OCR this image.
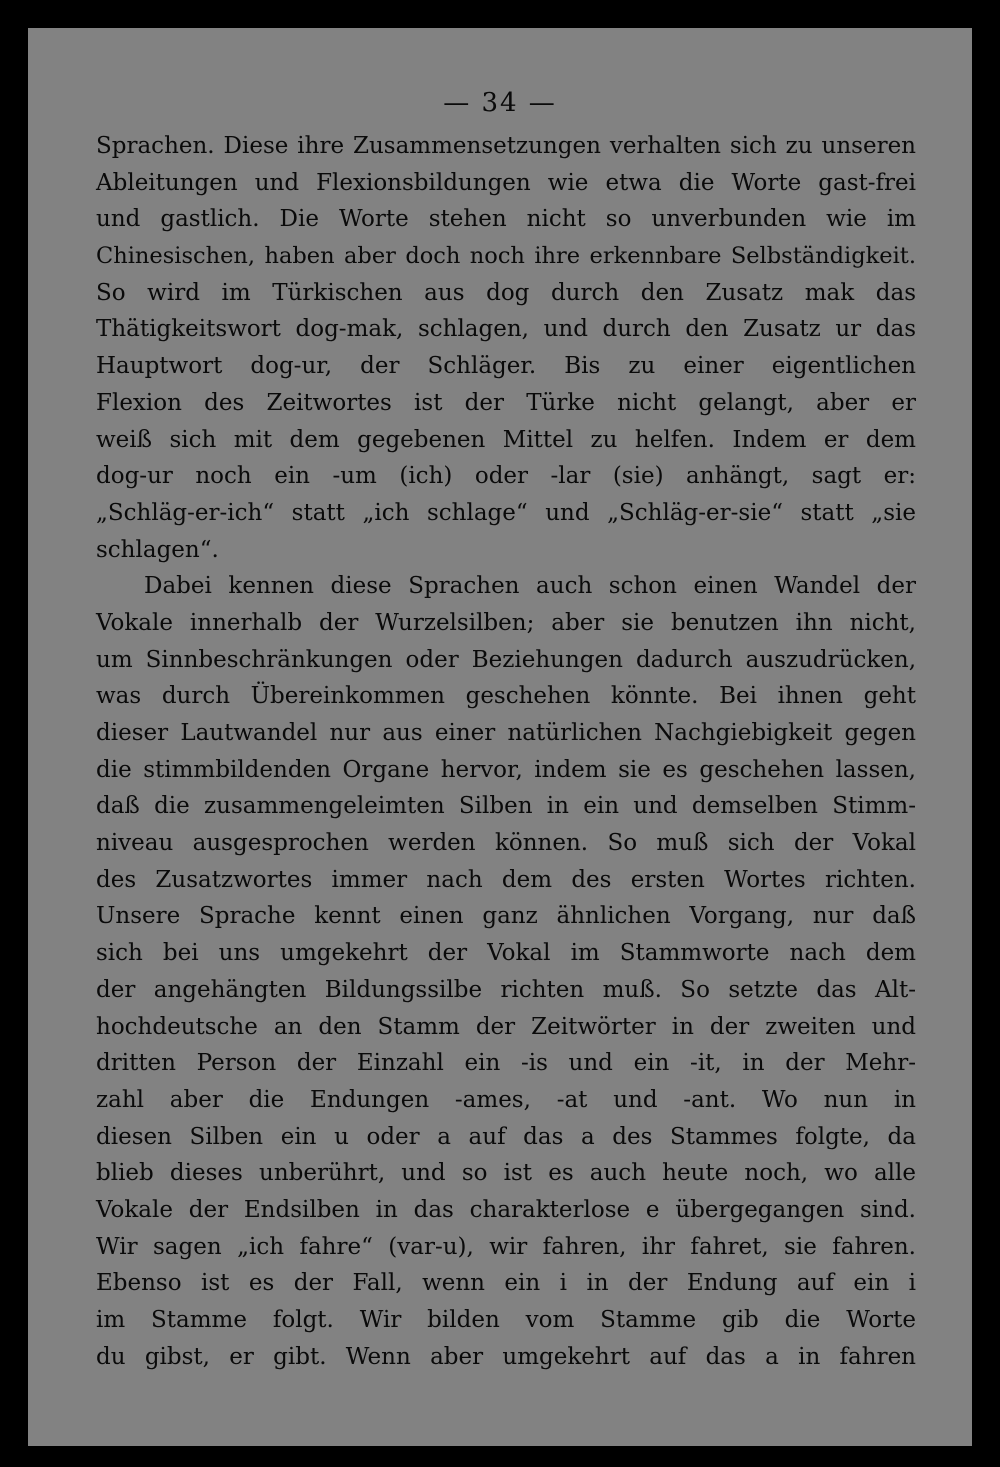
— 34 —
Sprachen. Diese ihre Zusammensetzungen verhalten sich zu unseren
Ableitungen und Flexionsbildungen wie etwa die Worte gast-frei
und gastlich. Die Worte stehen nicht so unverbunden wie im
Chinesischen, haben aber doch noch ihre erkennbare Selbständigkeit.
So wird im Türkischen aus dog durch den Zusatz mak das
Thätigkeitswort dog-mak, schlagen, und durch den Zusatz ur das
Hauptwort dog-ur, der Schläger. Bis zu einer eigentlichen
Flexion des Zeitwortes ist der Türke nicht gelangt, aber er
weiß sich mit dem gegebenen Mittel zu helfen. Indem er dem
dog-ur noch ein -um (ich) oder -lar (sie) anhängt, sagt er:
„Schläg-er-ich“ statt „ich schlage“ und „Schläg-er-sie“ statt „sie
schlagen“.
Dabei kennen diese Sprachen auch schon einen Wandel der
Vokale innerhalb der Wurzelsilben; aber sie benutzen ihn nicht,
um Sinnbeschränkungen oder Beziehungen dadurch auszudrücken,
was durch Übereinkommen geschehen könnte. Bei ihnen geht
dieser Lautwandel nur aus einer natürlichen Nachgiebigkeit gegen
die stimmbildenden Organe hervor, indem sie es geschehen lassen,
daß die zusammengeleimten Silben in ein und demselben Stimm-
niveau ausgesprochen werden können. So muß sich der Vokal
des Zusatzwortes immer nach dem des ersten Wortes richten.
Unsere Sprache kennt einen ganz ähnlichen Vorgang, nur daß
sich bei uns umgekehrt der Vokal im Stammworte nach dem
der angehängten Bildungssilbe richten muß. So setzte das Alt-
hochdeutsche an den Stamm der Zeitwörter in der zweiten und
dritten Person der Einzahl ein -is und ein -it, in der Mehr-
zahl aber die Endungen -ames, -at und -ant. Wo nun in
diesen Silben ein u oder a auf das a des Stammes folgte, da
blieb dieses unberührt, und so ist es auch heute noch, wo alle
Vokale der Endsilben in das charakterlose e übergegangen sind.
Wir sagen „ich fahre“ (var-u), wir fahren, ihr fahret, sie fahren.
Ebenso ist es der Fall, wenn ein i in der Endung auf ein i
im Stamme folgt. Wir bilden vom Stamme gib die Worte
du gibst, er gibt. Wenn aber umgekehrt auf das a in fahren
